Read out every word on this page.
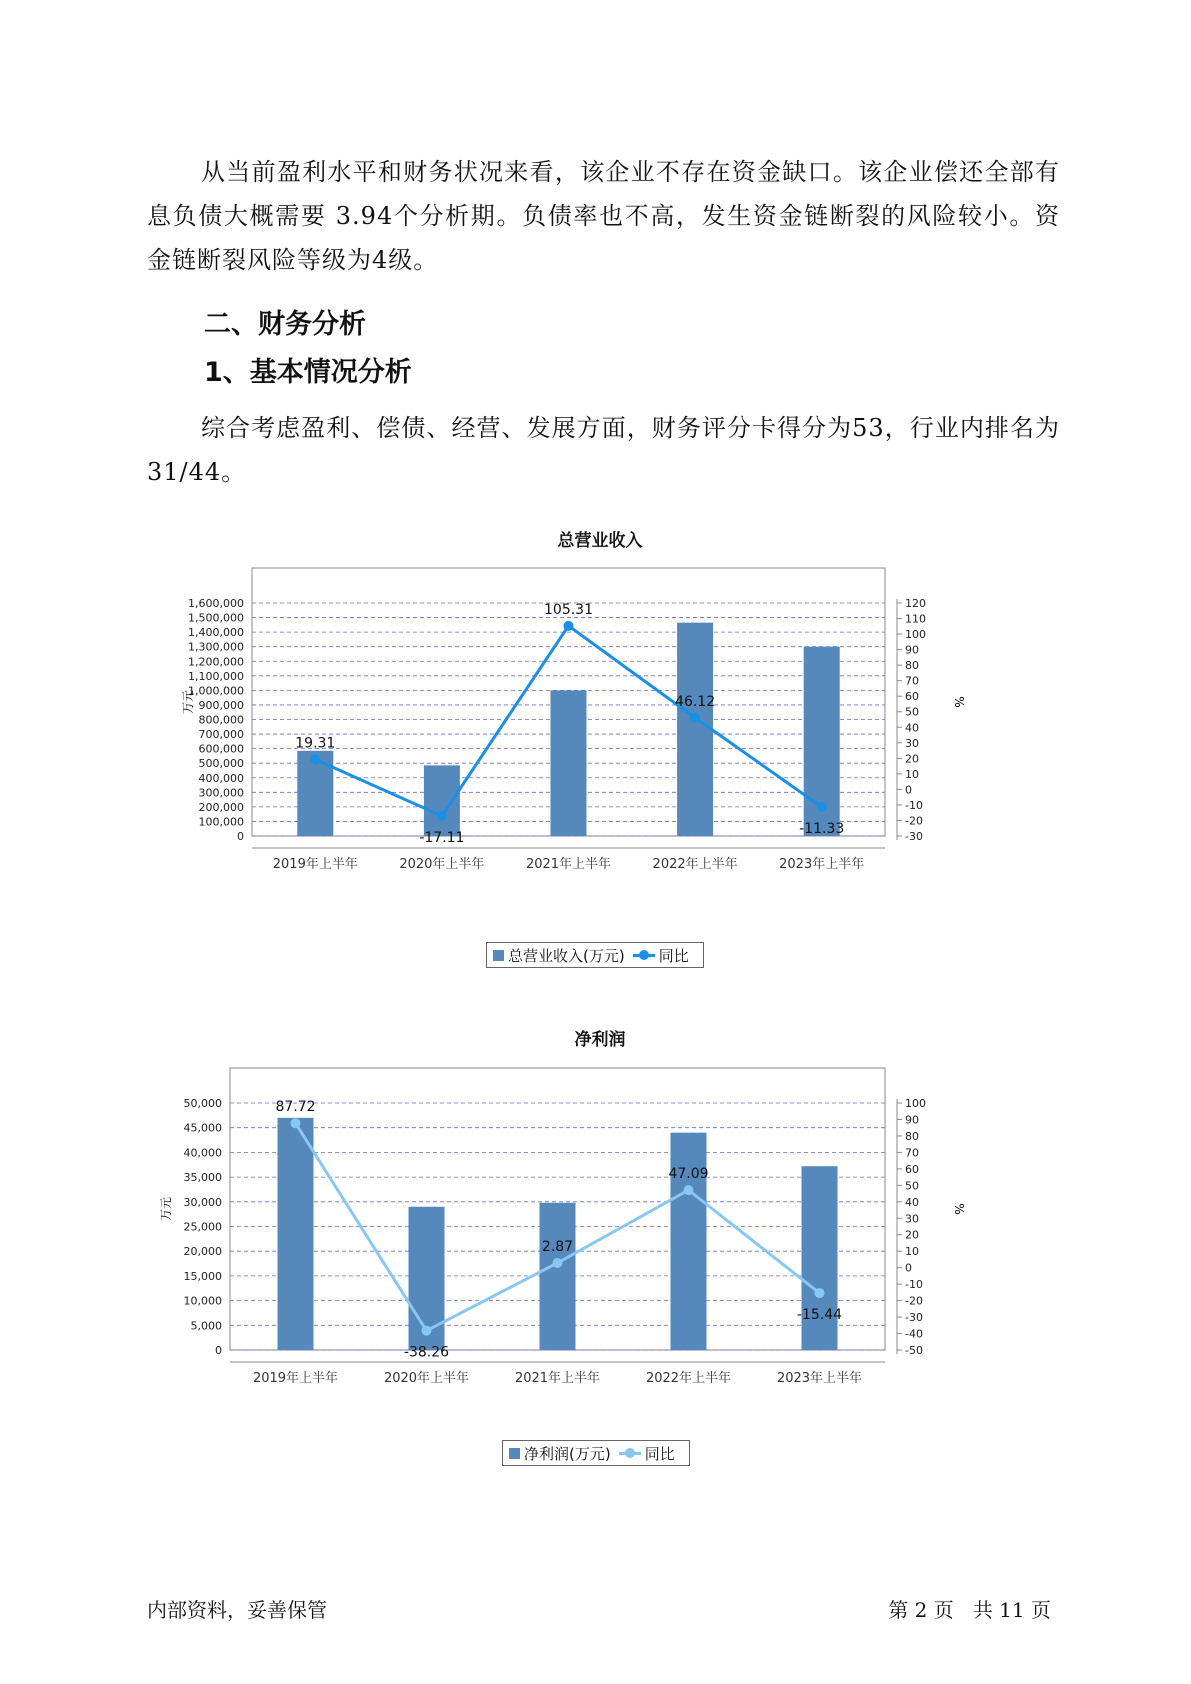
从当前盈利水平和财务状况来看，该企业不存在资金缺口。该企业偿还全部有息负债大概需要 3.94个分析期。负债率也不高，发生资金链断裂的风险较小。资金链断裂风险等级为4级。
二、财务分析
1、基本情况分析
综合考虑盈利、偿债、经营、发展方面，财务评分卡得分为53，行业内排名为31/44。
总营业收入
0
100,000
200,000
300,000
400,000
500,000
600,000
700,000
800,000
900,000
1,000,000
1,100,000
1,200,000
1,300,000
1,400,000
1,500,000
1,600,000
-30
-20
-10
0
10
20
30
40
50
60
70
80
90
100
110
120
万元	%
2019年上半年	2020年上半年	2021年上半年	2022年上半年	2023年上半年
19.31
-17.11
105.31
46.12
-11.33
总营业收入(万元) 同比
净利润
0
5,000
10,000
15,000
20,000
25,000
30,000
35,000
40,000
45,000
50,000
-50
-40
-30
-20
-10
0
10
20
30
40
50
60
70
80
90
100
万元	%
2019年上半年	2020年上半年	2021年上半年	2022年上半年	2023年上半年
87.72
-38.26
2.87
47.09
-15.44
净利润(万元) 同比
内部资料，妥善保管	第 2 页   共 11 页
